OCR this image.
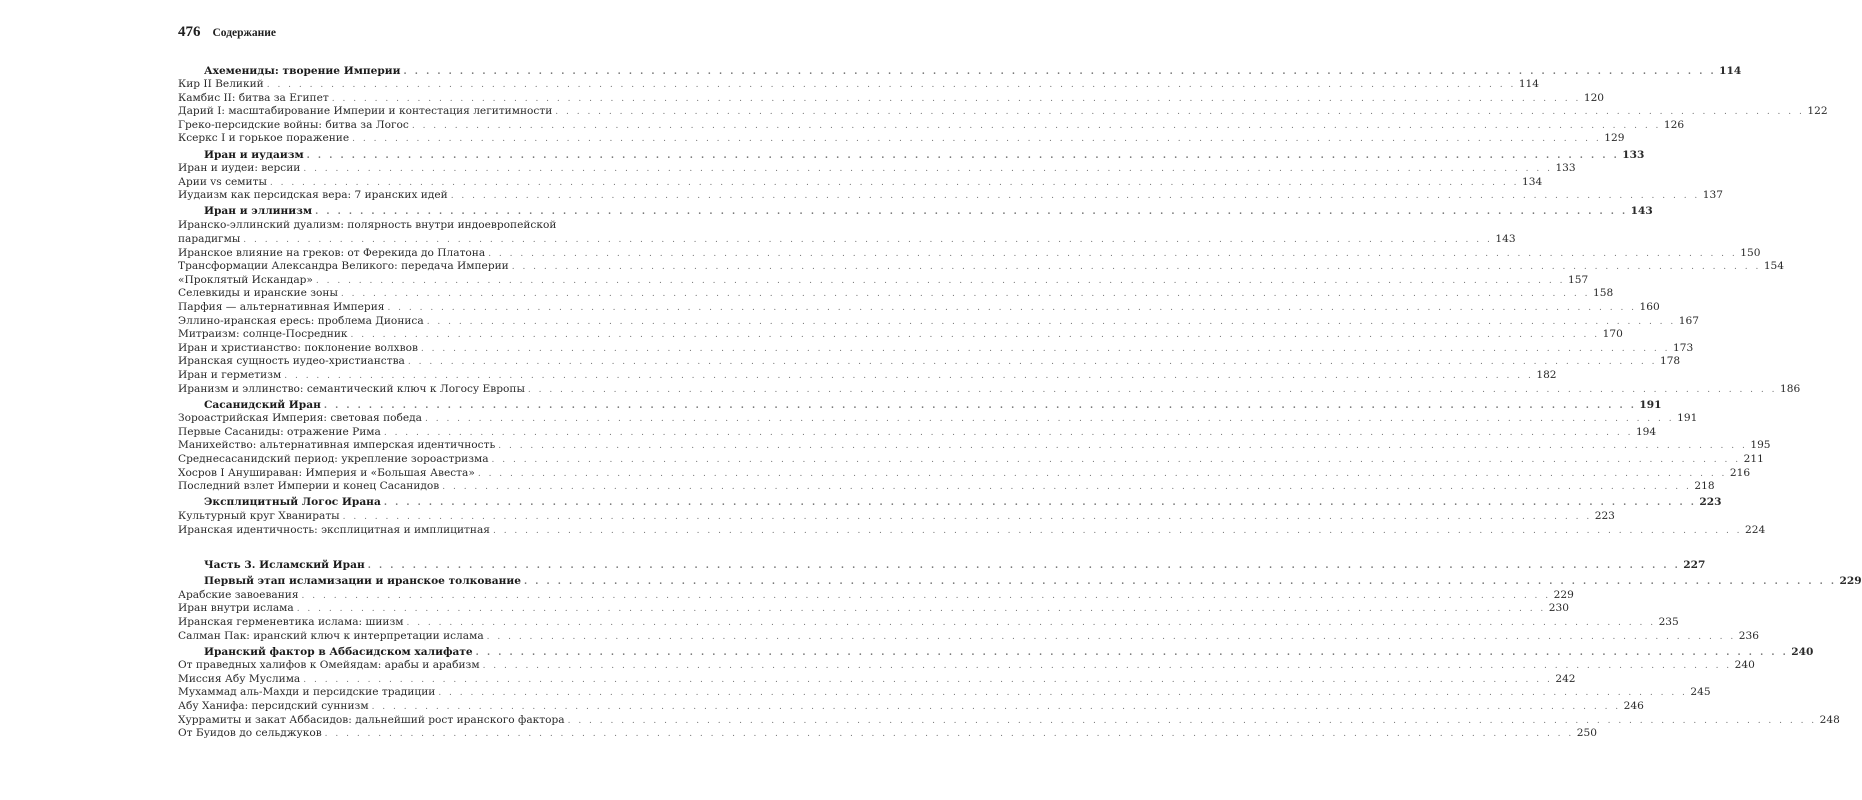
476 Содержание
Ахемениды: творение Империи . . .	114
Кир II Великий . . .	114
Камбис II: битва за Египет . . .	120
Дарий I: масштабирование Империи и контестация легитимности . . .	122
Греко-персидские войны: битва за Логос . . .	126
Ксеркс I и горькое поражение . . .	129
Иран и иудаизм . . .	133
Иран и иудеи: версии . . .	133
Арии vs семиты . . .	134
Иудаизм как персидская вера: 7 иранских идей . . .	137
Иран и эллинизм . . .	143
Иранско-эллинский дуализм: полярность внутри индоевропейской
парадигмы . . .	143
Иранское влияние на греков: от Ферекида до Платона . . .	150
Трансформации Александра Великого: передача Империи . . .	154
«Проклятый Искандар» . . .	157
Селевкиды и иранские зоны . . .	158
Парфия — альтернативная Империя . . .	160
Эллино-иранская ересь: проблема Диониса . . .	167
Митраизм: солнце-Посредник . . .	170
Иран и христианство: поклонение волхвов . . .	173
Иранская сущность иудео-христианства . . .	178
Иран и герметизм . . .	182
Иранизм и эллинство: семантический ключ к Логосу Европы . . .	186
Сасанидский Иран . . .	191
Зороастрийская Империя: световая победа . . .	191
Первые Сасаниды: отражение Рима . . .	194
Манихейство: альтернативная имперская идентичность . . .	195
Среднесасанидский период: укрепление зороастризма . . .	211
Хосров I Анушираван: Империя и «Большая Авеста» . . .	216
Последний взлет Империи и конец Сасанидов . . .	218
Эксплицитный Логос Ирана . . .	223
Культурный круг Хванираты . . .	223
Иранская идентичность: эксплицитная и имплицитная . . .	224
Часть 3. Исламский Иран . . .	227
Первый этап исламизации и иранское толкование . . .	229
Арабские завоевания . . .	229
Иран внутри ислама . . .	230
Иранская герменевтика ислама: шиизм . . .	235
Салман Пак: иранский ключ к интерпретации ислама . . .	236
Иранский фактор в Аббасидском халифате . . .	240
От праведных халифов к Омейядам: арабы и арабизм . . .	240
Миссия Абу Муслима . . .	242
Мухаммад аль-Махди и персидские традиции . . .	245
Абу Ханифа: персидский суннизм . . .	246
Хуррамиты и закат Аббасидов: дальнейший рост иранского фактора . . .	248
От Буидов до сельджуков . . .	250
